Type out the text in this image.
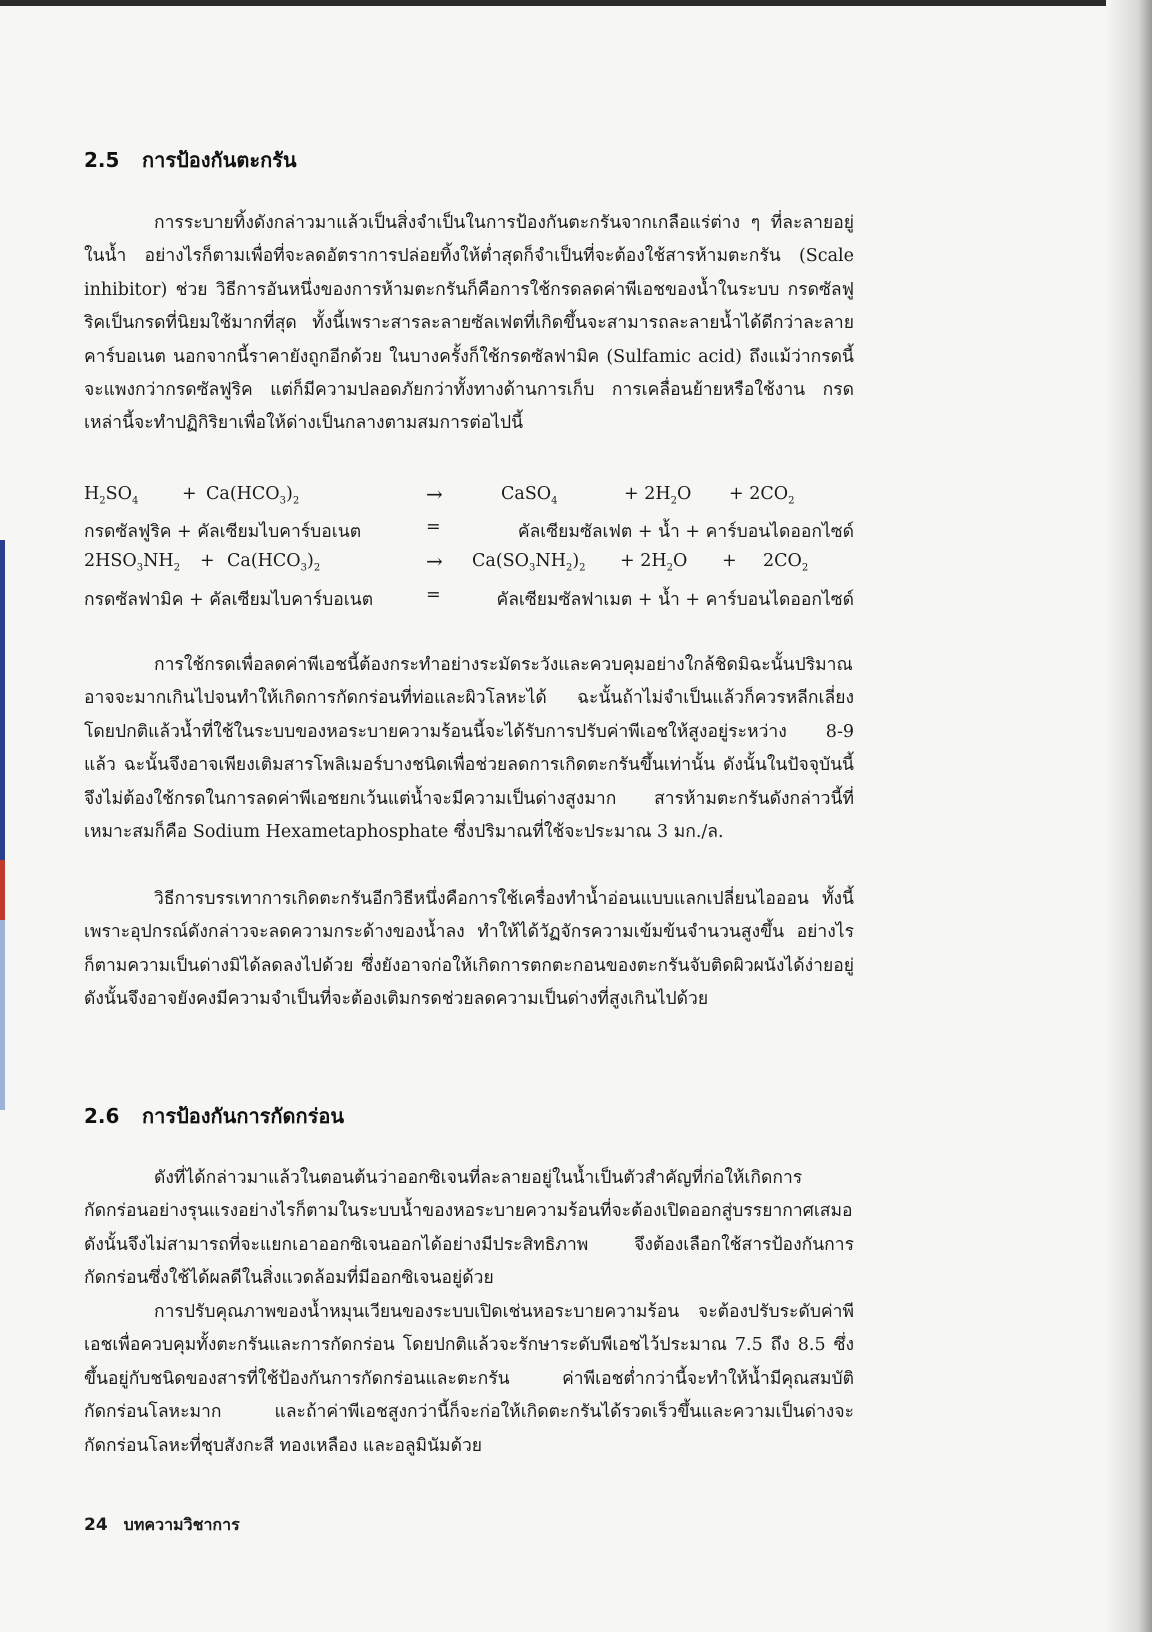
2.5 การป้องกันตะกรัน

การระบายทิ้งดังกล่าวมาแล้วเป็นสิ่งจำเป็นในการป้องกันตะกรันจากเกลือแร่ต่าง ๆ ที่ละลายอยู่ในน้ำ อย่างไรก็ตามเพื่อที่จะลดอัตราการปล่อยทิ้งให้ต่ำสุดก็จำเป็นที่จะต้องใช้สารห้ามตะกรัน (Scale inhibitor) ช่วย วิธีการอันหนึ่งของการห้ามตะกรันก็คือการใช้กรดลดค่าพีเอชของน้ำในระบบ กรดซัลฟูริคเป็นกรดที่นิยมใช้มากที่สุด ทั้งนี้เพราะสารละลายซัลเฟตที่เกิดขึ้นจะสามารถละลายน้ำได้ดีกว่าละลายคาร์บอเนต นอกจากนี้ราคายังถูกอีกด้วย ในบางครั้งก็ใช้กรดซัลฟามิค (Sulfamic acid) ถึงแม้ว่ากรดนี้จะแพงกว่ากรดซัลฟูริค แต่ก็มีความปลอดภัยกว่าทั้งทางด้านการเก็บ การเคลื่อนย้ายหรือใช้งาน กรดเหล่านี้จะทำปฏิกิริยาเพื่อให้ด่างเป็นกลางตามสมการต่อไปนี้

$H_2SO_4 + Ca(HCO_3)_2$	→	CaSO$_4$	+ $2H_2O + 2CO_2$
กรดซัลฟูริค + คัลเซียมไบคาร์บอเนต	=	คัลเซียมซัลเฟต + น้ำ + คาร์บอนไดออกไซด์
$2HSO_3NH_2 + Ca(HCO_3)_2$	→ $Ca(SO_3NH_2)_2 + 2H_2O + 2CO_2$
กรดซัลฟามิค + คัลเซียมไบคาร์บอเนต	=	คัลเซียมซัลฟาเมต + น้ำ + คาร์บอนไดออกไซด์

การใช้กรดเพื่อลดค่าพีเอชนี้ต้องกระทำอย่างระมัดระวังและควบคุมอย่างใกล้ชิดมิฉะนั้นปริมาณอาจจะมากเกินไปจนทำให้เกิดการกัดกร่อนที่ท่อและผิวโลหะได้ ฉะนั้นถ้าไม่จำเป็นแล้วก็ควรหลีกเลี่ยง โดยปกติแล้วน้ำที่ใช้ในระบบของหอระบายความร้อนนี้จะได้รับการปรับค่าพีเอชให้สูงอยู่ระหว่าง 8-9 แล้ว ฉะนั้นจึงอาจเพียงเติมสารโพลิเมอร์บางชนิดเพื่อช่วยลดการเกิดตะกรันขึ้นเท่านั้น ดังนั้นในปัจจุบันนี้จึงไม่ต้องใช้กรดในการลดค่าพีเอชยกเว้นแต่น้ำจะมีความเป็นด่างสูงมาก สารห้ามตะกรันดังกล่าวนี้ที่เหมาะสมก็คือ Sodium Hexametaphosphate ซึ่งปริมาณที่ใช้จะประมาณ 3 มก./ล.

วิธีการบรรเทาการเกิดตะกรันอีกวิธีหนึ่งคือการใช้เครื่องทำน้ำอ่อนแบบแลกเปลี่ยนไอออน ทั้งนี้เพราะอุปกรณ์ดังกล่าวจะลดความกระด้างของน้ำลง ทำให้ได้วัฏจักรความเข้มข้นจำนวนสูงขึ้น อย่างไรก็ตามความเป็นด่างมิได้ลดลงไปด้วย ซึ่งยังอาจก่อให้เกิดการตกตะกอนของตะกรันจับติดผิวผนังได้ง่ายอยู่ ดังนั้นจึงอาจยังคงมีความจำเป็นที่จะต้องเติมกรดช่วยลดความเป็นด่างที่สูงเกินไปด้วย

2.6 การป้องกันการกัดกร่อน

ดังที่ได้กล่าวมาแล้วในตอนต้นว่าออกซิเจนที่ละลายอยู่ในน้ำเป็นตัวสำคัญที่ก่อให้เกิดการกัดกร่อนอย่างรุนแรงอย่างไรก็ตามในระบบน้ำของหอระบายความร้อนที่จะต้องเปิดออกสู่บรรยากาศเสมอ ดังนั้นจึงไม่สามารถที่จะแยกเอาออกซิเจนออกได้อย่างมีประสิทธิภาพ จึงต้องเลือกใช้สารป้องกันการกัดกร่อนซึ่งใช้ได้ผลดีในสิ่งแวดล้อมที่มีออกซิเจนอยู่ด้วย

การปรับคุณภาพของน้ำหมุนเวียนของระบบเปิดเช่นหอระบายความร้อน จะต้องปรับระดับค่าพีเอชเพื่อควบคุมทั้งตะกรันและการกัดกร่อน โดยปกติแล้วจะรักษาระดับพีเอชไว้ประมาณ 7.5 ถึง 8.5 ซึ่งขึ้นอยู่กับชนิดของสารที่ใช้ป้องกันการกัดกร่อนและตะกรัน ค่าพีเอชต่ำกว่านี้จะทำให้น้ำมีคุณสมบัติกัดกร่อนโลหะมาก และถ้าค่าพีเอชสูงกว่านี้ก็จะก่อให้เกิดตะกรันได้รวดเร็วขึ้นและความเป็นด่างจะกัดกร่อนโลหะที่ชุบสังกะสี ทองเหลือง และอลูมินัมด้วย

24 บทความวิชาการ
